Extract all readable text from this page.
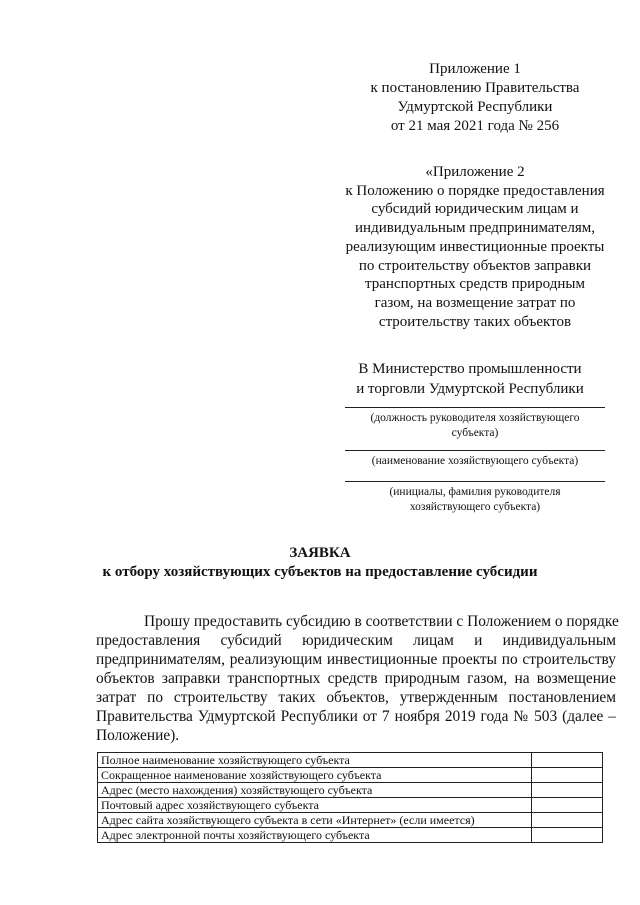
Приложение 1
к постановлению Правительства
Удмуртской Республики
от 21 мая 2021 года № 256
«Приложение 2
к Положению о порядке предоставления
субсидий юридическим лицам и
индивидуальным предпринимателям,
реализующим инвестиционные проекты
по строительству объектов заправки
транспортных средств природным
газом, на возмещение затрат по
строительству таких объектов
В Министерство промышленности
и торговли Удмуртской Республики
(должность руководителя хозяйствующего
субъекта)
(наименование хозяйствующего субъекта)
(инициалы, фамилия руководителя
хозяйствующего субъекта)
ЗАЯВКА
к отбору хозяйствующих субъектов на предоставление субсидии
Прошу предоставить субсидию в соответствии с Положением о порядке
предоставления субсидий юридическим лицам и индивидуальным
предпринимателям, реализующим инвестиционные проекты по строительству
объектов заправки транспортных средств природным газом, на возмещение
затрат по строительству таких объектов, утвержденным постановлением
Правительства Удмуртской Республики от 7 ноября 2019 года № 503 (далее –
Положение).
Полное наименование хозяйствующего субъекта	
Сокращенное наименование хозяйствующего субъекта	
Адрес (место нахождения) хозяйствующего субъекта	
Почтовый адрес хозяйствующего субъекта	
Адрес сайта хозяйствующего субъекта в сети «Интернет» (если имеется)	
Адрес электронной почты хозяйствующего субъекта	
